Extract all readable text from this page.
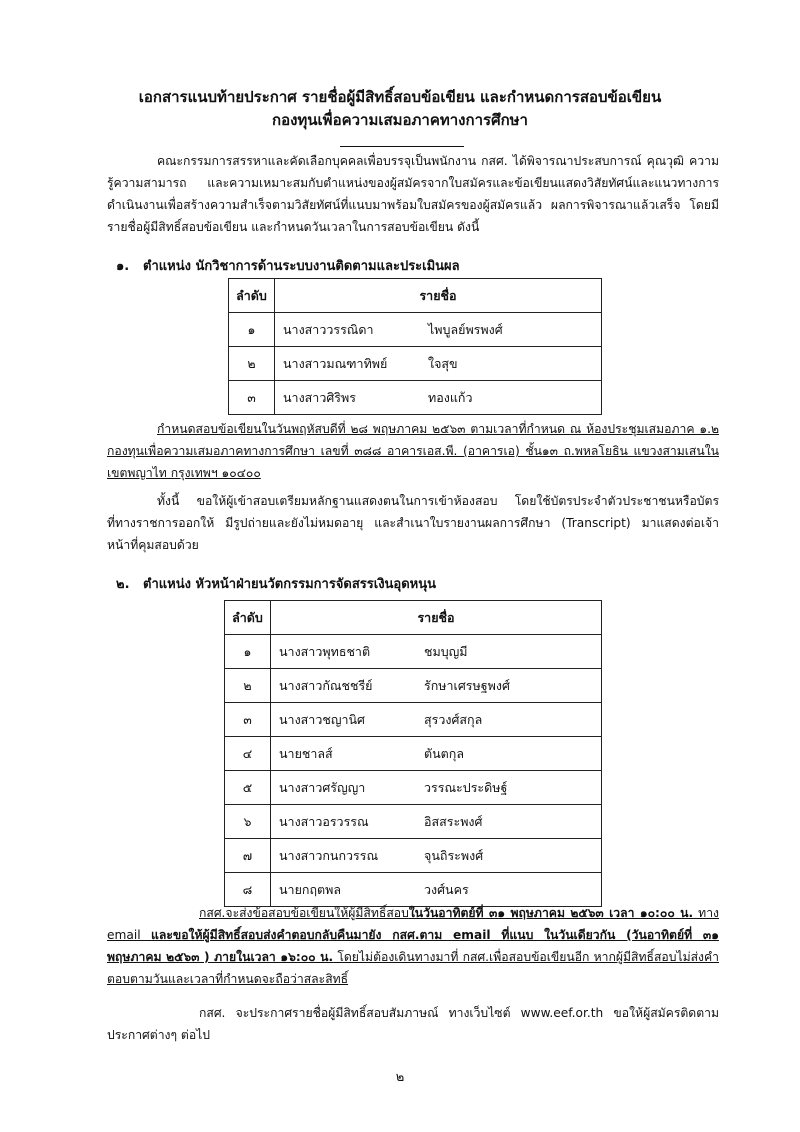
เอกสารแนบท้ายประกาศ รายชื่อผู้มีสิทธิ์สอบข้อเขียน และกำหนดการสอบข้อเขียน
กองทุนเพื่อความเสมอภาคทางการศึกษา

คณะกรรมการสรรหาและคัดเลือกบุคคลเพื่อบรรจุเป็นพนักงาน กสศ. ได้พิจารณาประสบการณ์ คุณวุฒิ ความรู้ความสามารถ และความเหมาะสมกับตำแหน่งของผู้สมัครจากใบสมัครและข้อเขียนแสดงวิสัยทัศน์และแนวทางการดำเนินงานเพื่อสร้างความสำเร็จตามวิสัยทัศน์ที่แนบมาพร้อมใบสมัครของผู้สมัครแล้ว ผลการพิจารณาแล้วเสร็จ โดยมีรายชื่อผู้มีสิทธิ์สอบข้อเขียน และกำหนดวันเวลาในการสอบข้อเขียน ดังนี้

๑. ตำแหน่ง นักวิชาการด้านระบบงานติดตามและประเมินผล
ลำดับ	รายชื่อ
๑	นางสาววรรณิดา ไพบูลย์พรพงศ์
๒	นางสาวมณฑาทิพย์ ใจสุข
๓	นางสาวศิริพร ทองแก้ว

กำหนดสอบข้อเขียนในวันพฤหัสบดีที่ ๒๘ พฤษภาคม ๒๕๖๓ ตามเวลาที่กำหนด ณ ห้องประชุมเสมอภาค ๑.๒ กองทุนเพื่อความเสมอภาคทางการศึกษา เลขที่ ๓๘๘ อาคารเอส.พี. (อาคารเอ) ชั้น๑๓ ถ.พหลโยธิน แขวงสามเสนใน เขตพญาไท กรุงเทพฯ ๑๐๔๐๐

ทั้งนี้ ขอให้ผู้เข้าสอบเตรียมหลักฐานแสดงตนในการเข้าห้องสอบ โดยใช้บัตรประจำตัวประชาชนหรือบัตรที่ทางราชการออกให้ มีรูปถ่ายและยังไม่หมดอายุ และสำเนาใบรายงานผลการศึกษา (Transcript) มาแสดงต่อเจ้าหน้าที่คุมสอบด้วย

๒. ตำแหน่ง หัวหน้าฝ่ายนวัตกรรมการจัดสรรเงินอุดหนุน
ลำดับ	รายชื่อ
๑	นางสาวพุทธชาติ ชมบุญมี
๒	นางสาวกัณชชรีย์ รักษาเศรษฐพงศ์
๓	นางสาวชญานิศ สุรวงศ์สกุล
๔	นายชาลส์ ตันตกุล
๕	นางสาวศรัญญา วรรณะประดิษฐ์
๖	นางสาวอรวรรณ อิสสระพงศ์
๗	นางสาวกนกวรรณ จุนถิระพงศ์
๘	นายกฤตพล วงศ์นคร

กสศ.จะส่งข้อสอบข้อเขียนให้ผู้มีสิทธิ์สอบในวันอาทิตย์ที่ ๓๑ พฤษภาคม ๒๕๖๓ เวลา ๑๐:๐๐ น. ทาง email และขอให้ผู้มีสิทธิ์สอบส่งคำตอบกลับคืนมายัง กสศ.ตาม email ที่แนบ ในวันเดียวกัน (วันอาทิตย์ที่ ๓๑ พฤษภาคม ๒๕๖๓ ) ภายในเวลา ๑๖:๐๐ น. โดยไม่ต้องเดินทางมาที่ กสศ.เพื่อสอบข้อเขียนอีก หากผู้มีสิทธิ์สอบไม่ส่งคำตอบตามวันและเวลาที่กำหนดจะถือว่าสละสิทธิ์

กสศ. จะประกาศรายชื่อผู้มีสิทธิ์สอบสัมภาษณ์ ทางเว็บไซต์ www.eef.or.th ขอให้ผู้สมัครติดตามประกาศต่างๆ ต่อไป

๒
